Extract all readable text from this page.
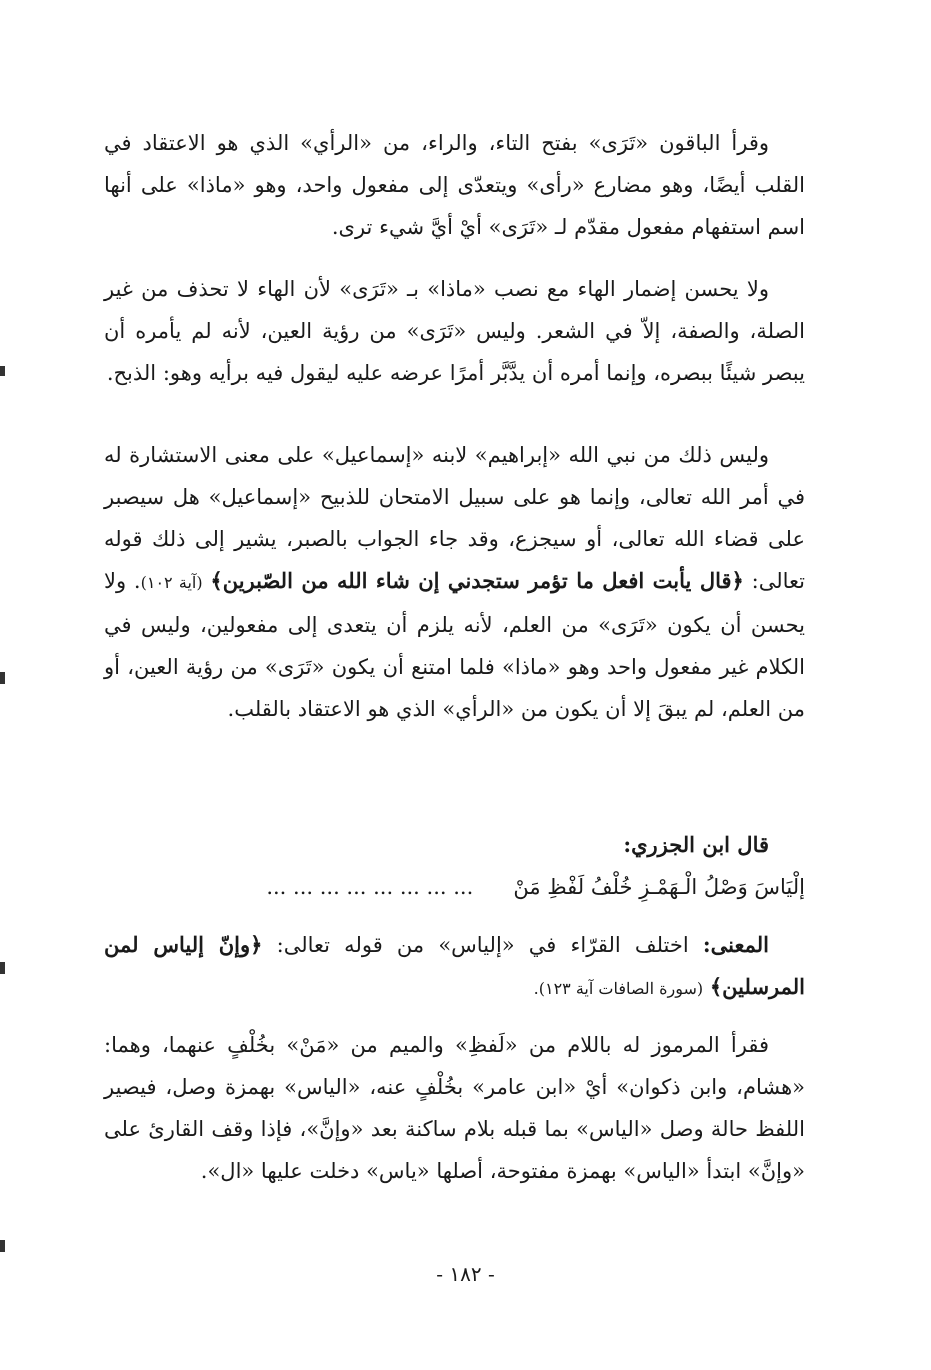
وقرأ الباقون «تَرَى» بفتح التاء، والراء، من «الرأي» الذي هو الاعتقاد في القلب أيضًا، وهو مضارع «رأى» ويتعدّى إلى مفعول واحد، وهو «ماذا» على أنها اسم استفهام مفعول مقدّم لـ «تَرَى» أيْ أيَّ شيء ترى.

ولا يحسن إضمار الهاء مع نصب «ماذا» بـ «تَرَى» لأن الهاء لا تحذف من غير الصلة، والصفة، إلاّ في الشعر. وليس «تَرَى» من رؤية العين، لأنه لم يأمره أن يبصر شيئًا ببصره، وإنما أمره أن يدَّبَّر أمرًا عرضه عليه ليقول فيه برأيه وهو: الذبح.

وليس ذلك من نبي الله «إبراهيم» لابنه «إسماعيل» على معنى الاستشارة له في أمر الله تعالى، وإنما هو على سبيل الامتحان للذبيح «إسماعيل» هل سيصبر على قضاء الله تعالى، أو سيجزع، وقد جاء الجواب بالصبر، يشير إلى ذلك قوله تعالى: ﴿قال يأبت افعل ما تؤمر ستجدني إن شاء الله من الصّبرين﴾ (آية ١٠٢). ولا يحسن أن يكون «تَرَى» من العلم، لأنه يلزم أن يتعدى إلى مفعولين، وليس في الكلام غير مفعول واحد وهو «ماذا» فلما امتنع أن يكون «تَرَى» من رؤية العين، أو من العلم، لم يبقَ إلا أن يكون من «الرأي» الذي هو الاعتقاد بالقلب.

قال ابن الجزري:

إلْيَاسَ وَصْلُ الْـهَمْـزِ خُلْفُ لَفْظِ مَنْ      ... ... ... ... ... ... ... ...

المعنى: اختلف القرّاء في «إلياس» من قوله تعالى: ﴿وإنّ إلياس لمن المرسلين﴾ (سورة الصافات آية ١٢٣).

فقرأ المرموز له باللام من «لَفظِ» والميم من «مَنْ» بخُلْفٍ عنهما، وهما: «هشام، وابن ذكوان» أيْ «ابن عامر» بخُلْفٍ عنه، «الياس» بهمزة وصل، فيصير اللفظ حالة وصل «الياس» بما قبله بلام ساكنة بعد «وإنَّ»، فإذا وقف القارئ على «وإنَّ» ابتدأ «الياس» بهمزة مفتوحة، أصلها «ياس» دخلت عليها «ال».

- ١٨٢ -
